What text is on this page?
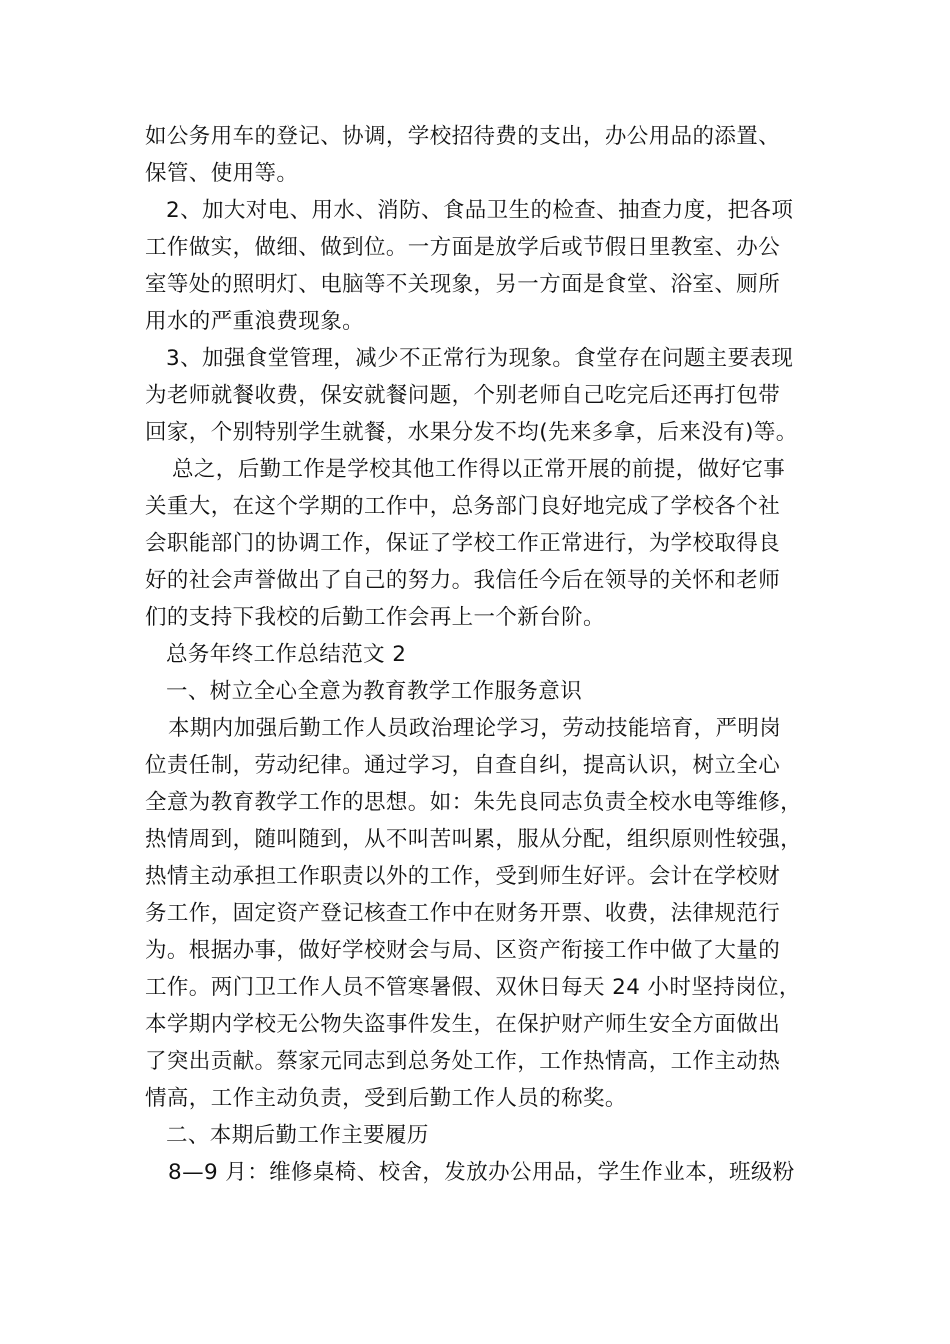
如公务用车的登记、协调，学校招待费的支出，办公用品的添置、
保管、使用等。
2、加大对电、用水、消防、食品卫生的检查、抽查力度，把各项
工作做实，做细、做到位。一方面是放学后或节假日里教室、办公
室等处的照明灯、电脑等不关现象，另一方面是食堂、浴室、厕所
用水的严重浪费现象。
3、加强食堂管理，减少不正常行为现象。食堂存在问题主要表现
为老师就餐收费，保安就餐问题，个别老师自己吃完后还再打包带
回家，个别特别学生就餐，水果分发不均(先来多拿，后来没有)等。
总之，后勤工作是学校其他工作得以正常开展的前提，做好它事
关重大，在这个学期的工作中，总务部门良好地完成了学校各个社
会职能部门的协调工作，保证了学校工作正常进行，为学校取得良
好的社会声誉做出了自己的努力。我信任今后在领导的关怀和老师
们的支持下我校的后勤工作会再上一个新台阶。
总务年终工作总结范文 2
一、树立全心全意为教育教学工作服务意识
本期内加强后勤工作人员政治理论学习，劳动技能培育，严明岗
位责任制，劳动纪律。通过学习，自查自纠，提高认识，树立全心
全意为教育教学工作的思想。如：朱先良同志负责全校水电等维修，
热情周到，随叫随到，从不叫苦叫累，服从分配，组织原则性较强，
热情主动承担工作职责以外的工作，受到师生好评。会计在学校财
务工作，固定资产登记核查工作中在财务开票、收费，法律规范行
为。根据办事，做好学校财会与局、区资产衔接工作中做了大量的
工作。两门卫工作人员不管寒暑假、双休日每天 24 小时坚持岗位，
本学期内学校无公物失盗事件发生，在保护财产师生安全方面做出
了突出贡献。蔡家元同志到总务处工作，工作热情高，工作主动热
情高，工作主动负责，受到后勤工作人员的称奖。
二、本期后勤工作主要履历
8—9 月：维修桌椅、校舍，发放办公用品，学生作业本，班级粉
